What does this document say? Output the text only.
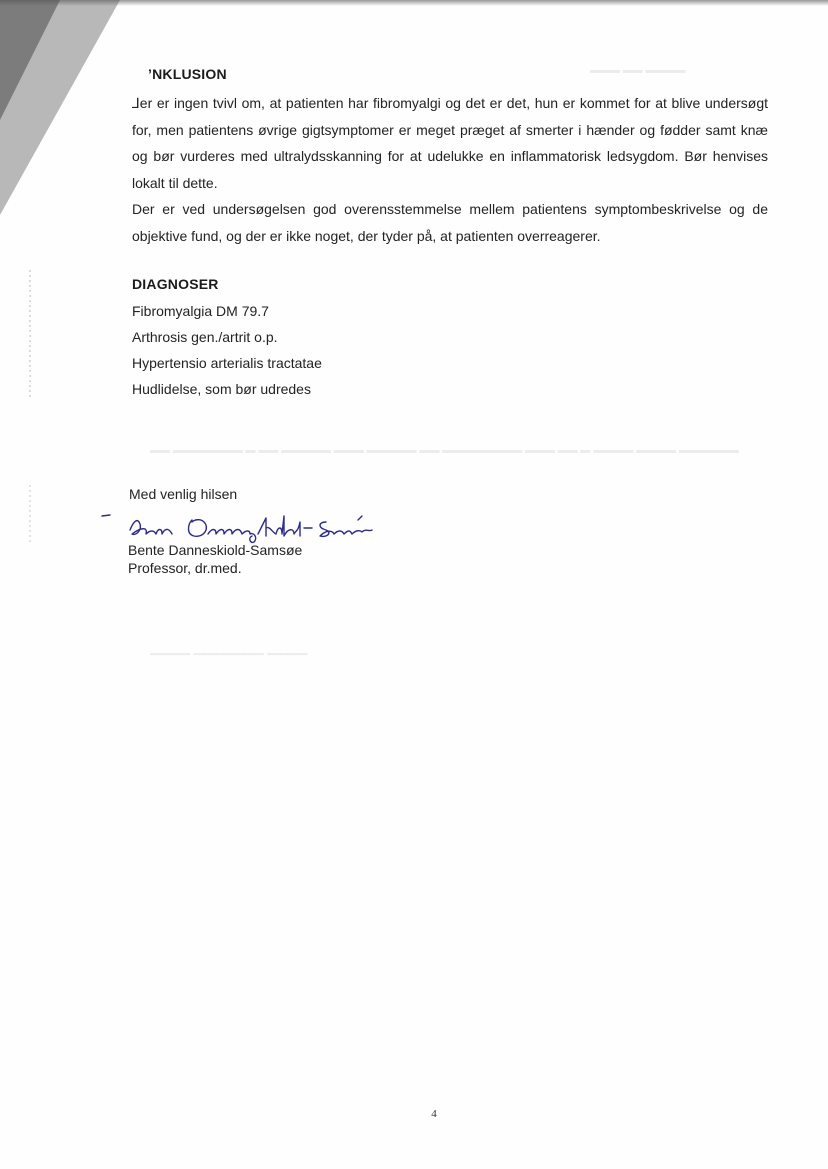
▬▬▬ ▬▬ ▬▬▬▬
▬▬ ▬▬▬▬▬▬▬ ▬ ▬▬ ▬▬▬▬▬ ▬▬▬ ▬▬▬▬▬ ▬▬ ▬▬▬▬▬▬▬▬ ▬▬▬ ▬▬ ▬ ▬▬▬▬ ▬▬▬▬ ▬▬▬▬▬▬
▁▁▁▁ ▁▁▁▁▁▁▁ ▁▁▁▁
’NKLUSION

⅃er er ingen tvivl om, at patienten har fibromyalgi og det er det, hun er kommet for at blive undersøgt for, men patientens øvrige gigtsymptomer er meget præget af smerter i hænder og fødder samt knæ og bør vurderes med ultralydsskanning for at udelukke en inflammatorisk ledsygdom. Bør henvises lokalt til dette.

Der er ved undersøgelsen god overensstemmelse mellem patientens symptombeskrivelse og de objektive fund, og der er ikke noget, der tyder på, at patienten overreagerer.

DIAGNOSER
Fibromyalgia DM 79.7
Arthrosis gen./artrit o.p.
Hypertensio arterialis tractatae
Hudlidelse, som bør udredes
Med venlig hilsen
Bente Danneskiold-Samsøe
Professor, dr.med.
4
